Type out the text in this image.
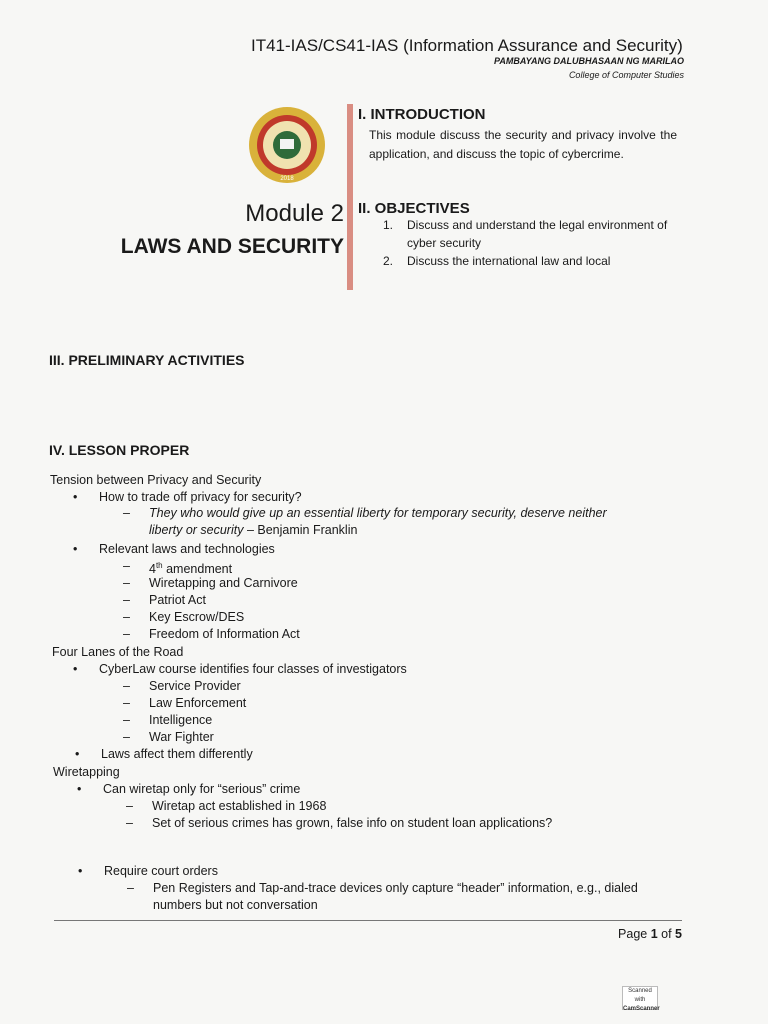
IT41-IAS/CS41-IAS (Information Assurance and Security)
PAMBAYANG DALUBHASAAN NG MARILAO
College of Computer Studies
2018
Module 2
LAWS AND SECURITY
I. INTRODUCTION
This module discuss the security and privacy involve the application, and discuss the topic of cybercrime.
II. OBJECTIVES
1. Discuss and understand the legal environment of cyber security
2. Discuss the international law and local
III. PRELIMINARY ACTIVITIES
IV. LESSON PROPER
Tension between Privacy and Security
• How to trade off privacy for security?
– They who would give up an essential liberty for temporary security, deserve neither
liberty or security – Benjamin Franklin
• Relevant laws and technologies
– 4th amendment
– Wiretapping and Carnivore
– Patriot Act
– Key Escrow/DES
– Freedom of Information Act
Four Lanes of the Road
• CyberLaw course identifies four classes of investigators
– Service Provider
– Law Enforcement
– Intelligence
– War Fighter
• Laws affect them differently
Wiretapping
• Can wiretap only for “serious” crime
– Wiretap act established in 1968
– Set of serious crimes has grown, false info on student loan applications?
• Require court orders
– Pen Registers and Tap-and-trace devices only capture “header” information, e.g., dialed
numbers but not conversation
Page 1 of 5
Scanned with
CamScanner
